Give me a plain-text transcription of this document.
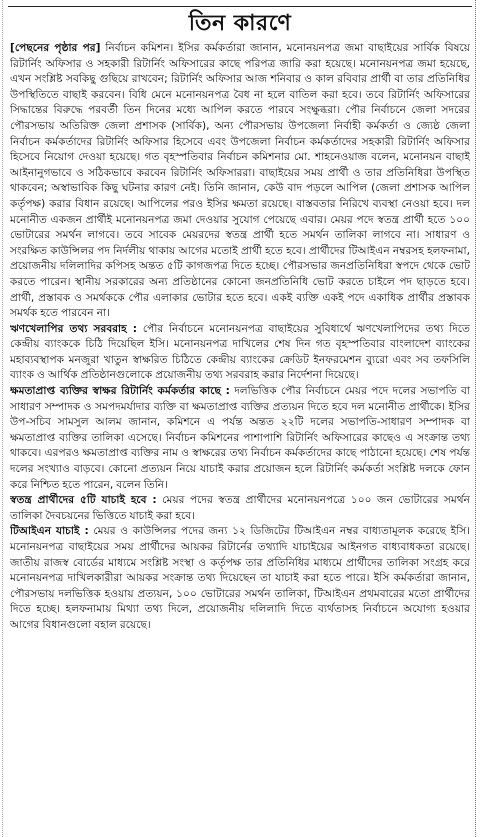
তিন কারণে

[পেছনের পৃষ্ঠার পর] নির্বাচন কমিশন। ইসির কর্মকর্তারা জানান, মনোনয়নপত্র জমা বাছাইয়ের সার্বিক বিষয়ে রিটার্নিং অফিসার ও সহকারী রিটার্নিং অফিসারের কাছে পরিপত্র জারি করা হয়েছে। মনোনয়নপত্র জমা হয়েছে, এখন সংশ্লিষ্ট সবকিছু গুছিয়ে রাখবেন; রিটার্নিং অফিসার আজ শনিবার ও কাল রবিবার প্রার্থী বা তার প্রতিনিধির উপস্থিতিতে বাছাই করবেন। বিধি মেনে মনোনয়নপত্র বৈধ না হলে বাতিল করা হবে। তবে রিটার্নিং অফিসারের সিদ্ধান্তের বিরুদ্ধে পরবর্তী তিন দিনের মধ্যে আপিল করতে পারবে সংক্ষুব্ধরা। পৌর নির্বাচনে জেলা সদরের পৌরসভায় অতিরিক্ত জেলা প্রশাসক (সার্বিক), অন্য পৌরসভায় উপজেলা নির্বাহী কর্মকর্তা ও জ্যেষ্ঠ জেলা নির্বাচন কর্মকর্তাদের রিটার্নিং অফিসার হিসেবে এবং উপজেলা নির্বাচন কর্মকর্তাদের সহকারী রিটার্নিং অফিসার হিসেবে নিয়োগ দেওয়া হয়েছে। গত বৃহস্পতিবার নির্বাচন কমিশনার মো. শাহনেওয়াজ বলেন, মনোনয়ন বাছাই আইনানুগভাবে ও সঠিকভাবে করবেন রিটার্নিং অফিসাররা। বাছাইয়ের সময় প্রার্থী ও তার প্রতিনিধিরা উপস্থিত থাকবেন; অস্বাভাবিক কিছু ঘটনার কারণ নেই। তিনি জানান, কেউ বাদ পড়লে আপিল (জেলা প্রশাসক আপিল কর্তৃপক্ষ) করার বিধান রয়েছে। আপিলের পরও ইসির ক্ষমতা রয়েছে। বাস্তবতার নিরিখে ব্যবস্থা নেওয়া হবে। দল মনোনীত একজন প্রার্থীই মনোনয়নপত্র জমা দেওয়ার সুযোগ পেয়েছে এবার। মেয়র পদে স্বতন্ত্র প্রার্থী হতে ১০০ ভোটারের সমর্থন লাগবে। তবে সাবেক মেয়রদের স্বতন্ত্র প্রার্থী হতে সমর্থন তালিকা লাগবে না। সাধারণ ও সংরক্ষিত কাউন্সিলর পদ নির্দলীয় থাকায় আগের মতোই প্রার্থী হতে হবে। প্রার্থীদের টিআইএন নম্বরসহ হলফনামা, প্রয়োজনীয় দলিলাদির কপিসহ অন্তত ৫টি কাগজপত্র দিতে হচ্ছে। পৌরসভার জনপ্রতিনিধিরা স্বপদে থেকে ভোট করতে পারেন। স্থানীয় সরকারের অন্য প্রতিষ্ঠানের কোনো জনপ্রতিনিধি ভোট করতে চাইলে পদ ছাড়তে হবে। প্রার্থী, প্রস্তাবক ও সমর্থককে পৌর এলাকার ভোটার হতে হবে। একই ব্যক্তি একই পদে একাধিক প্রার্থীর প্রস্তাবক সমর্থক হতে পারবেন না।

ঋণখেলাপির তথ্য সরবরাহ : পৌর নির্বাচনে মনোনয়নপত্র বাছাইয়ের সুবিধার্থে ঋণখেলাপিদের তথ্য দিতে কেন্দ্রীয় ব্যাংককে চিঠি দিয়েছিল ইসি। মনোনয়নপত্র দাখিলের শেষ দিন গত বৃহস্পতিবার বাংলাদেশ ব্যাংকের মহাব্যবস্থাপক মনজুরা খাতুন স্বাক্ষরিত চিঠিতে কেন্দ্রীয় ব্যাংকের ক্রেডিট ইনফরমেশন ব্যুরো এবং সব তফসিলি ব্যাংক ও আর্থিক প্রতিষ্ঠানগুলোকে প্রয়োজনীয় তথ্য সরবরাহ করার নির্দেশনা দিয়েছে।

ক্ষমতাপ্রাপ্ত ব্যক্তির স্বাক্ষর রিটার্নিং কর্মকর্তার কাছে : দলভিত্তিক পৌর নির্বাচনে মেয়র পদে দলের সভাপতি বা সাধারণ সম্পাদক ও সমপদমর্যাদার ব্যক্তি বা ক্ষমতাপ্রাপ্ত ব্যক্তির প্রত্যয়ন দিতে হবে দল মনোনীত প্রার্থীকে। ইসির উপ-সচিব সামসুল আলম জানান, কমিশনে এ পর্যন্ত অন্তত ২২টি দলের সভাপতি-সাধারণ সম্পাদক বা ক্ষমতাপ্রাপ্ত ব্যক্তির তালিকা এসেছে। নির্বাচন কমিশনের পাশাপাশি রিটার্নিং অফিসারের কাছেও এ সংক্রান্ত তথ্য থাকবে। এরপরও ক্ষমতাপ্রাপ্ত ব্যক্তির নাম ও স্বাক্ষরের তথ্য নির্বাচন কর্মকর্তাদের কাছে পাঠানো হয়েছে। শেষ পর্যন্ত দলের সংখ্যাও বাড়বে। কোনো প্রত্যয়ন নিয়ে যাচাই করার প্রয়োজন হলে রিটার্নিং কর্মকর্তা সংশ্লিষ্ট দলকে ফোন করে নিশ্চিত হতে পারেন, বলেন তিনি।

স্বতন্ত্র প্রার্থীদের ৫টি যাচাই হবে : মেয়র পদের স্বতন্ত্র প্রার্থীদের মনোনয়নপত্রে ১০০ জন ভোটারের সমর্থন তালিকা দৈবচয়নের ভিত্তিতে যাচাই করা হবে।

টিআইএন যাচাই : মেয়র ও কাউন্সিলর পদের জন্য ১২ ডিজিটের টিআইএন নম্বর বাধ্যতামূলক করেছে ইসি। মনোনয়নপত্র বাছাইয়ের সময় প্রার্থীদের আয়কর রিটার্নের তথ্যাদি যাচাইয়ের আইনগত বাধ্যবাধকতা রয়েছে। জাতীয় রাজস্ব বোর্ডের মাধ্যমে সংশ্লিষ্ট সংস্থা ও কর্তৃপক্ষ তার প্রতিনিধির মাধ্যমে প্রার্থীদের তালিকা সংগ্রহ করে মনোনয়নপত্র দাখিলকারীরা আয়কর সংক্রান্ত তথ্য দিয়েছেন তা যাচাই করা হতে পারে। ইসি কর্মকর্তারা জানান, পৌরসভায় দলভিত্তিক হওয়ায় প্রত্যয়ন, ১০০ ভোটারের সমর্থন তালিকা, টিআইএন প্রথমবারের মতো প্রার্থীদের দিতে হচ্ছে। হলফনামায় মিথ্যা তথ্য দিলে, প্রয়োজনীয় দলিলাদি দিতে ব্যর্থতাসহ নির্বাচনে অযোগ্য হওয়ার আগের বিধানগুলো বহাল রয়েছে।
